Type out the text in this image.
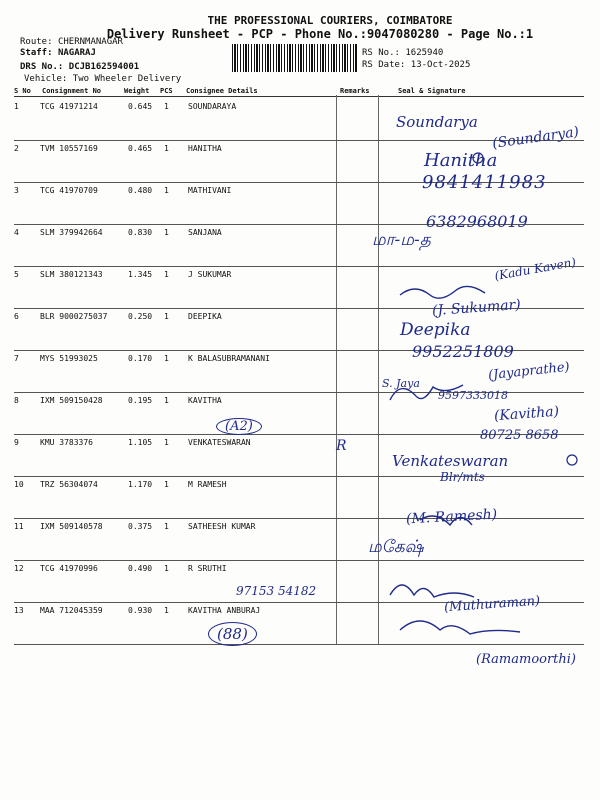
THE PROFESSIONAL COURIERS, COIMBATORE
Delivery Runsheet - PCP - Phone No.:9047080280 - Page No.:1
Route: CHERNMANAGAR
Staff: NAGARAJ
DRS No.: DCJB162594001
Vehicle: Two Wheeler Delivery
RS No.: 1625940
RS Date: 13-Oct-2025
S No Consignment No	Weight PCS Consignee Details	Remarks	Seal & Signature
1	TCG 41971214	0.645 1 SOUNDARAYA
2	TVM 10557169	0.465 1 HANITHA
3	TCG 41970709	0.480 1 MATHIVANI
4	SLM 379942664	0.830 1 SANJANA
5	SLM 380121343	1.345 1 J SUKUMAR
6	BLR 9000275037	0.250 1 DEEPIKA
7	MYS 51993025	0.170 1 K BALASUBRAMANANI
8	IXM 509150428	0.195 1 KAVITHA
9	KMU 3783376	1.105 1 VENKATESWARAN
10 TRZ 56304074	1.170 1 M RAMESH
11 IXM 509140578	0.375 1 SATHEESH KUMAR
12 TCG 41970996	0.490 1 R SRUTHI
13 MAA 712045359	0.930 1 KAVITHA ANBURAJ
Soundarya
(Soundarya)
Hanitha
9841411983
6382968019
மா-ம-த
(Kadu Kaven)
(J. Sukumar)
Deepika
9952251809
(Jayaprathe)
S. Jaya
9597333018
(Kavitha)
(A2)
80725 8658
R
Venkateswaran
Blr/mts
(M. Ramesh)
மகேஷ்
97153 54182
(Muthuraman)
(88)
(Ramamoorthi)
